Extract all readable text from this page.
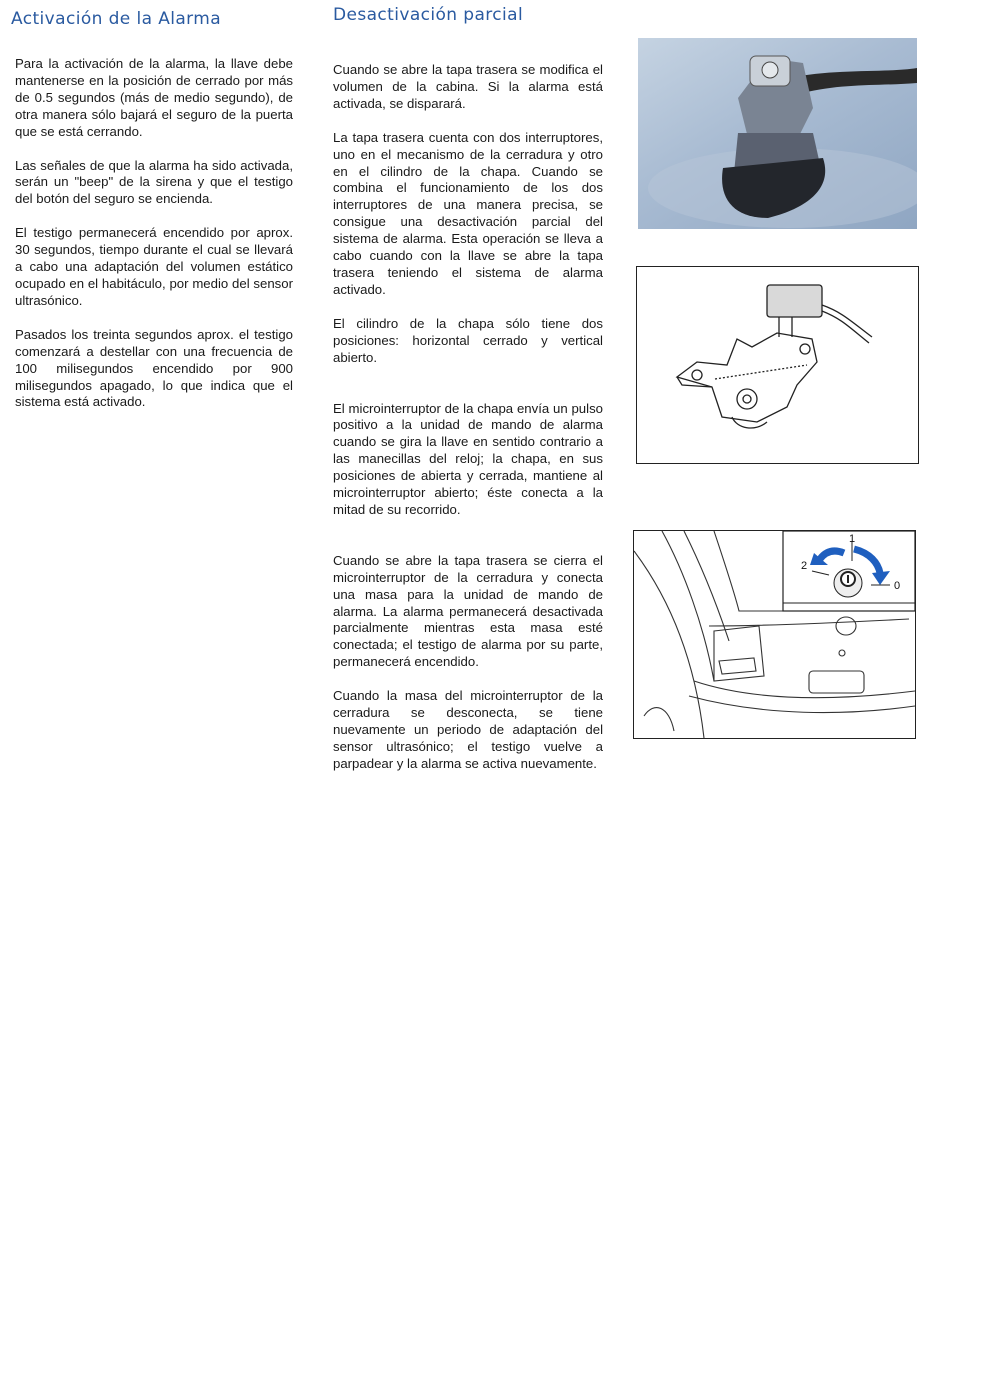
Activación de la Alarma

Para la activación de la alarma, la llave debe mantenerse en la posición de cerrado por más de 0.5 segundos (más de medio segundo), de otra manera sólo bajará el seguro de la puerta que se está cerrando.

Las señales de que la alarma ha sido activada, serán un "beep" de la sirena y que el testigo del botón del seguro se encienda.

El testigo permanecerá encendido por aprox. 30 segundos, tiempo durante el cual se llevará a cabo una adaptación del volumen estático ocupado en el habitáculo, por medio del sensor ultrasónico.

Pasados los treinta segundos aprox. el testigo comenzará a destellar con una frecuencia de 100 milisegundos encendido por 900 milisegundos apagado, lo que indica que el sistema está activado.

Desactivación parcial

Cuando se abre la tapa trasera se modifica el volumen de la cabina. Si la alarma está activada, se disparará.

La tapa trasera cuenta con dos interruptores, uno en el mecanismo de la cerradura y otro en el cilindro de la chapa. Cuando se combina el funcionamiento de los dos interruptores de una manera precisa, se consigue una desactivación parcial del sistema de alarma. Esta operación se lleva a cabo cuando con la llave se abre la tapa trasera teniendo el sistema de alarma activado.

El cilindro de la chapa sólo tiene dos posiciones: horizontal cerrado y vertical abierto.

El microinterruptor de la chapa envía un pulso positivo a la unidad de mando de alarma cuando se gira la llave en sentido contrario a las manecillas del reloj; la chapa, en sus posiciones de abierta y cerrada, mantiene al microinterruptor abierto; éste conecta a la mitad de su recorrido.

Cuando se abre la tapa trasera se cierra el microinterruptor de la cerradura y conecta una masa para la unidad de mando de alarma. La alarma permanecerá desactivada parcialmente mientras esta masa esté conectada; el testigo de alarma por su parte, permanecerá encendido.

Cuando la masa del microinterruptor de la cerradura se desconecta, se tiene nuevamente un periodo de adaptación del sensor ultrasónico; el testigo vuelve a parpadear y la alarma se activa nuevamente.

1
2
0
